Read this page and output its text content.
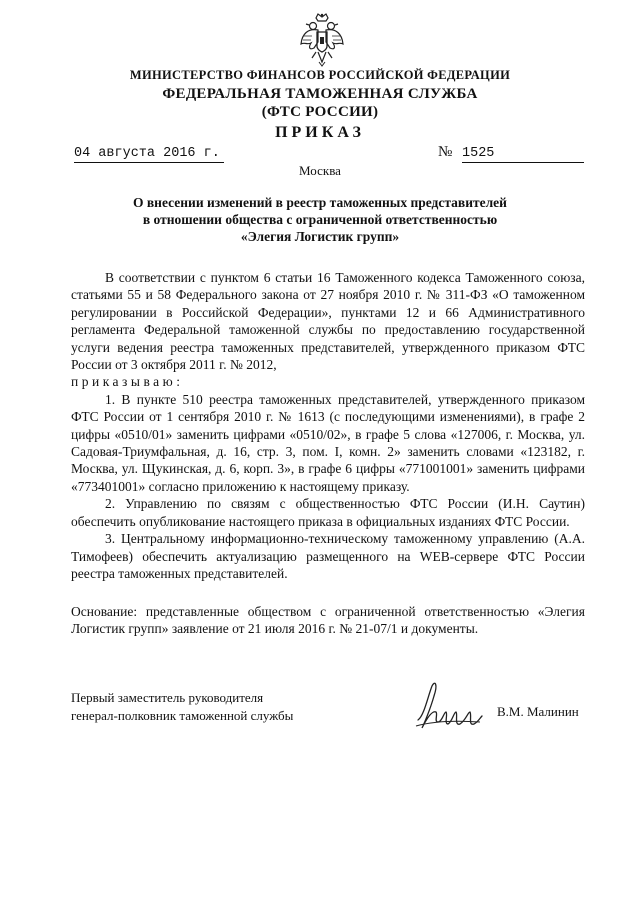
МИНИСТЕРСТВО ФИНАНСОВ РОССИЙСКОЙ ФЕДЕРАЦИИ
ФЕДЕРАЛЬНАЯ ТАМОЖЕННАЯ СЛУЖБА
(ФТС РОССИИ)
ПРИКАЗ
04 августа 2016 г.	№ 1525
Москва
О внесении изменений в реестр таможенных представителей
в отношении общества с ограниченной ответственностью
«Элегия Логистик групп»

В соответствии с пунктом 6 статьи 16 Таможенного кодекса Таможенного союза, статьями 55 и 58 Федерального закона от 27 ноября 2010 г. № 311-ФЗ «О таможенном регулировании в Российской Федерации», пунктами 12 и 66 Административного регламента Федеральной таможенной службы по предоставлению государственной услуги ведения реестра таможенных представителей, утвержденного приказом ФТС России от 3 октября 2011 г. № 2012,

приказываю:

1. В пункте 510 реестра таможенных представителей, утвержденного приказом ФТС России от 1 сентября 2010 г. № 1613 (с последующими изменениями), в графе 2 цифры «0510/01» заменить цифрами «0510/02», в графе 5 слова «127006, г. Москва, ул. Садовая-Триумфальная, д. 16, стр. 3, пом. I, комн. 2» заменить словами «123182, г. Москва, ул. Щукинская, д. 6, корп. 3», в графе 6 цифры «771001001» заменить цифрами «773401001» согласно приложению к настоящему приказу.

2. Управлению по связям с общественностью ФТС России (И.Н. Саутин) обеспечить опубликование настоящего приказа в официальных изданиях ФТС России.

3. Центральному информационно-техническому таможенному управлению (А.А. Тимофеев) обеспечить актуализацию размещенного на WEB-сервере ФТС России реестра таможенных представителей.

Основание: представленные обществом с ограниченной ответственностью «Элегия Логистик групп» заявление от 21 июля 2016 г. № 21-07/1 и документы.

Первый заместитель руководителя
генерал-полковник таможенной службы	В.М. Малинин
